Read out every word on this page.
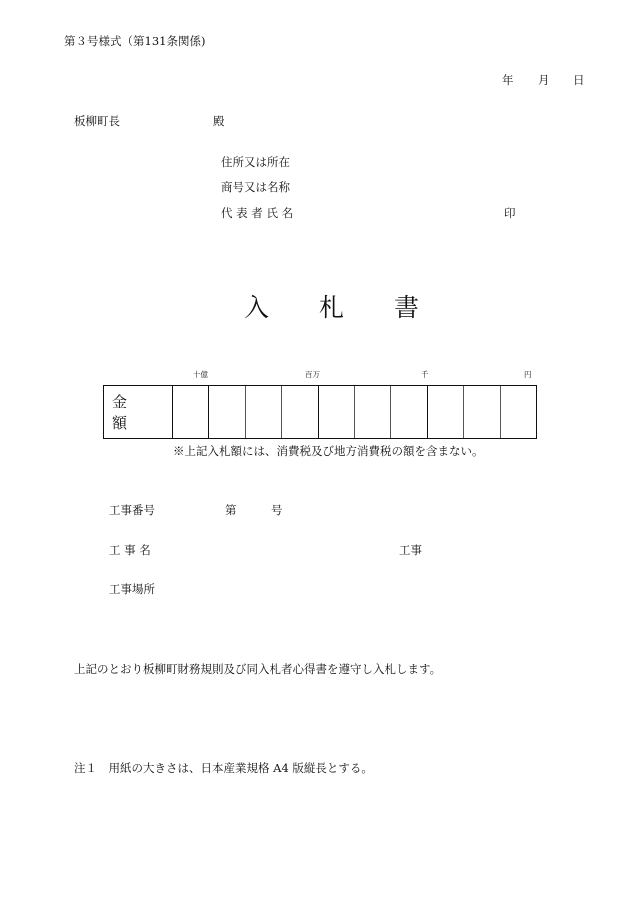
第３号様式（第131条関係)
年 月 日
板柳町長	殿
住所又は所在
商号又は名称
代 表 者 氏 名	印
入　　札　　書
十億	百万	千	円
金 額
※上記入札額には、消費税及び地方消費税の額を含まない。
工事番号	第	号
工 事 名	工事
工事場所
上記のとおり板柳町財務規則及び同入札者心得書を遵守し入札します。
注１　用紙の大きさは、日本産業規格 A4 版縦長とする。
